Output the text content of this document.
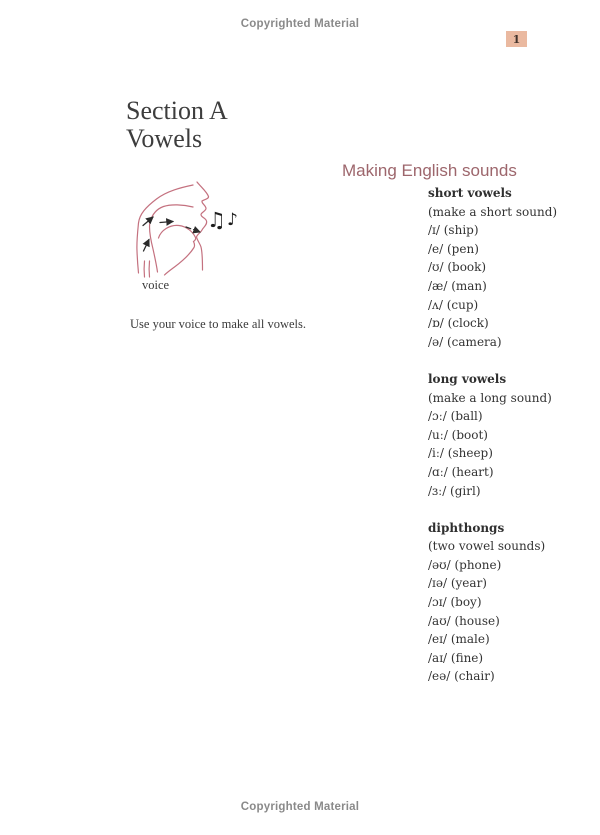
Copyrighted Material
1
Section A
Vowels
♫ ♪
voice
Use your voice to make all vowels.
Making English sounds
short vowels
(make a short sound)
/ɪ/ (ship)
/e/ (pen)
/ʊ/ (book)
/æ/ (man)
/ʌ/ (cup)
/ɒ/ (clock)
/ə/ (camera)
long vowels
(make a long sound)
/ɔː/ (ball)
/uː/ (boot)
/iː/ (sheep)
/ɑː/ (heart)
/ɜː/ (girl)
diphthongs
(two vowel sounds)
/əʊ/ (phone)
/ɪə/ (year)
/ɔɪ/ (boy)
/aʊ/ (house)
/eɪ/ (male)
/aɪ/ (fine)
/eə/ (chair)
Copyrighted Material
